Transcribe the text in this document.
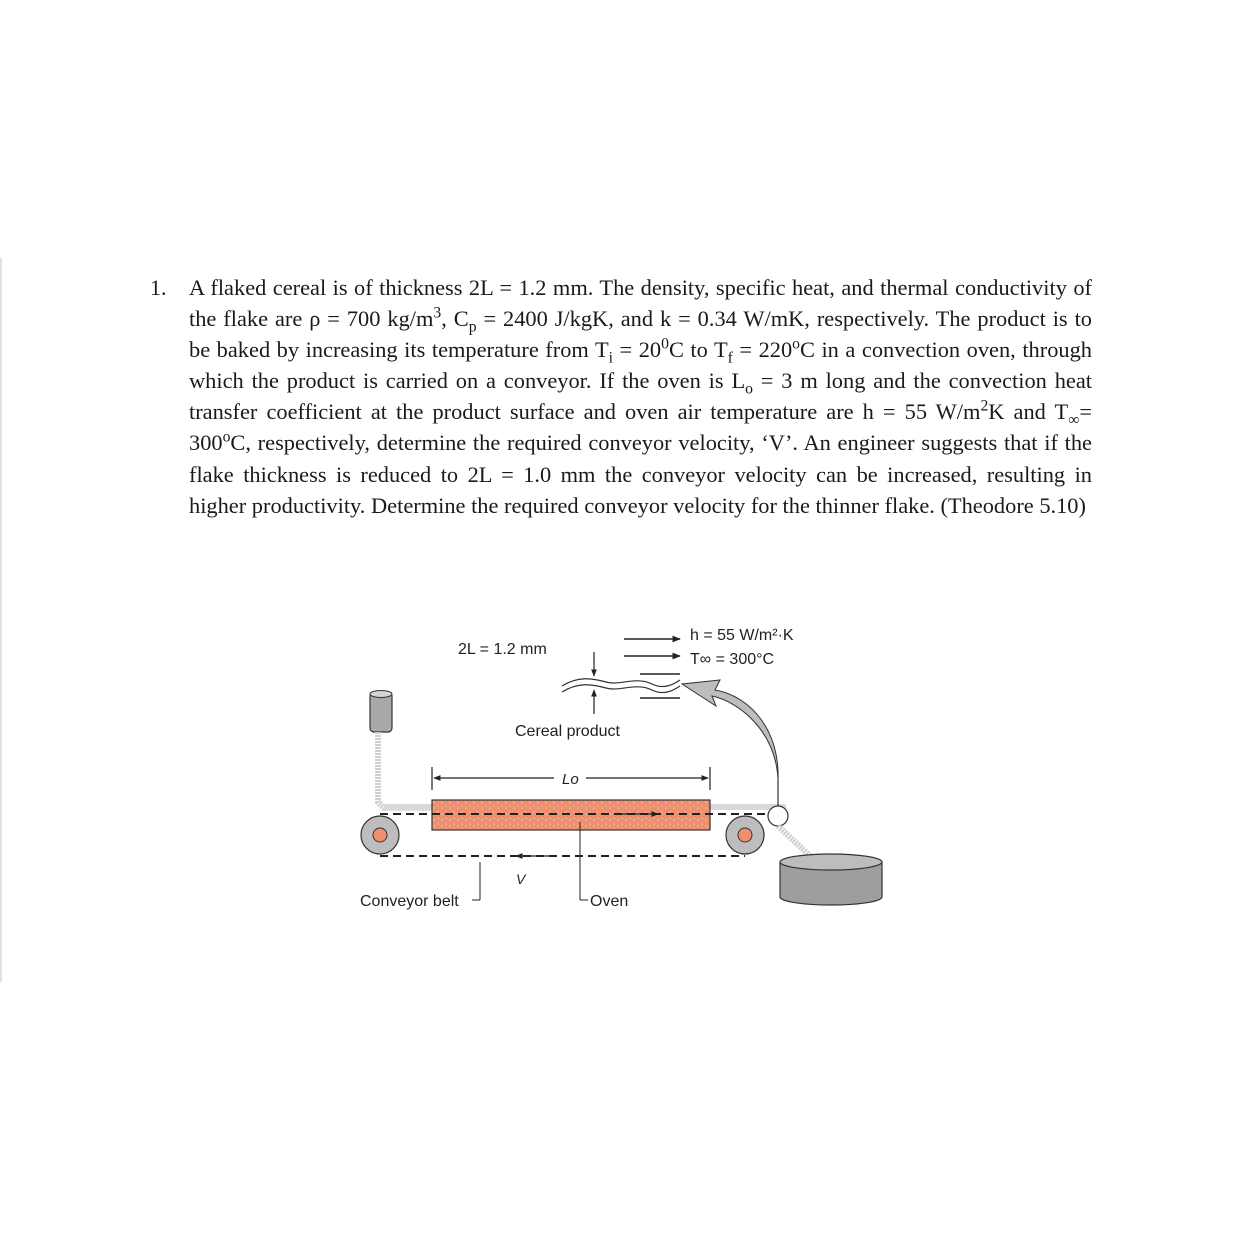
1. A flaked cereal is of thickness 2L = 1.2 mm. The density, specific heat, and thermal conductivity of the flake are ρ = 700 $kg/m^3$, $C_p = 2400$ J/kgK, and k = 0.34 W/mK, respectively. The product is to be baked by increasing its temperature from $T_i = 20^0C$ to $T_f = 220^oC$ in a convection oven, through which the product is carried on a conveyor. If the oven is $L_o = 3$ m long and the convection heat transfer coefficient at the product surface and oven air temperature are h = 55 $W/m^2K$ and $T_\infty= 300^oC$, respectively, determine the required conveyor velocity, ‘V’. An engineer suggests that if the flake thickness is reduced to 2L = 1.0 mm the conveyor velocity can be increased, resulting in higher productivity. Determine the required conveyor velocity for the thinner flake. (Theodore 5.10)
2L = 1.2 mm
h = 55 W/m²·K
T∞ = 300°C
Cereal product
Lo
V
Conveyor belt	Oven
